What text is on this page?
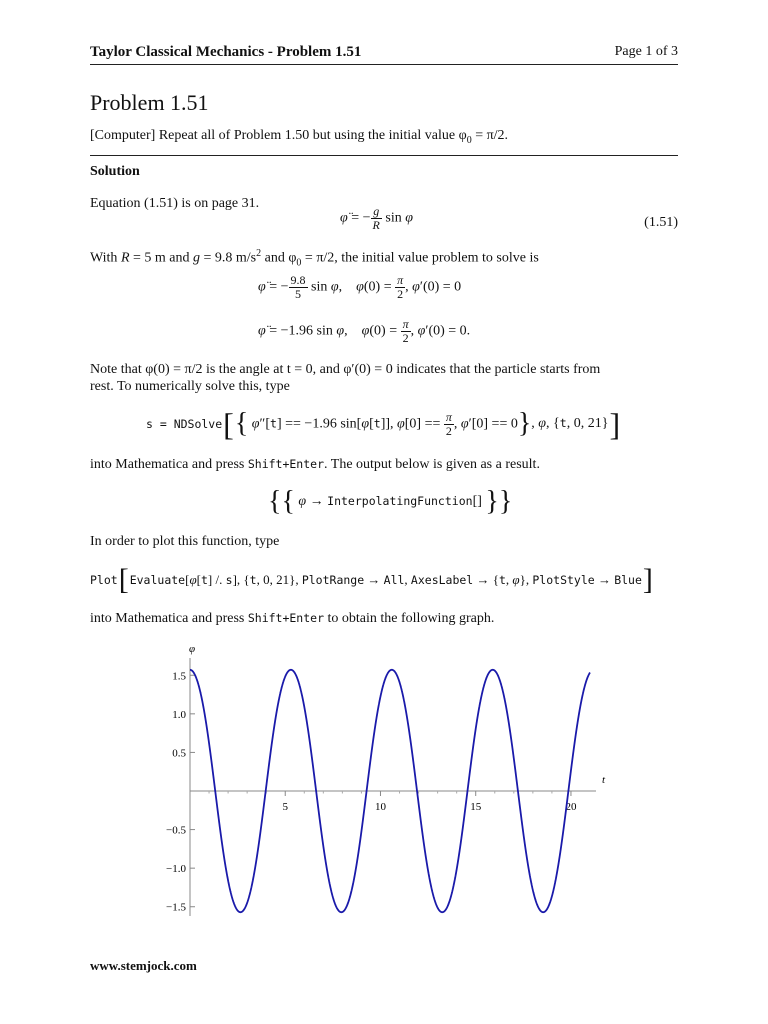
Taylor Classical Mechanics - Problem 1.51	Page 1 of 3
Problem 1.51
[Computer] Repeat all of Problem 1.50 but using the initial value $\varphi_0 = \pi/2$.
Solution
Equation (1.51) is on page 31.
φ̈ = − $\frac{g}{R}$ sin φ	(1.51)
With R = 5 m and g = 9.8 $m/s^2$ and $\varphi_0 = \pi/2$, the initial value problem to solve is
φ̈ = − $\frac{9.8}{5}$ sin φ,    $\varphi(0) = \frac{\pi}{2}$ , φ′(0) = 0
φ̈ = −1.96 sin φ,    $\varphi(0) = \frac{\pi}{2}$ , φ′(0) = 0.
Note that φ(0) = π/2 is the angle at t = 0, and φ′(0) = 0 indicates that the particle starts from
rest. To numerically solve this, type
s = NDSolve [ { φ″[t] == −1.96 sin[φ[t]], $\varphi[0] == \frac{\pi}{2}$ , φ′[0] == 0 } , φ, {t, 0, 21} ]
into Mathematica and press Shift+Enter. The output below is given as a result.
{ { φ → InterpolatingFunction[] } }
In order to plot this function, type
Plot [ Evaluate [φ[t] /. s], {t, 0, 21}, PlotRange → All, AxesLabel → {t, φ}, PlotStyle → Blue ]
into Mathematica and press Shift+Enter to obtain the following graph.
φ
t
5	10	15	20
1.5
1.0
0.5
−0.5
−1.0
−1.5
www.stemjock.com
